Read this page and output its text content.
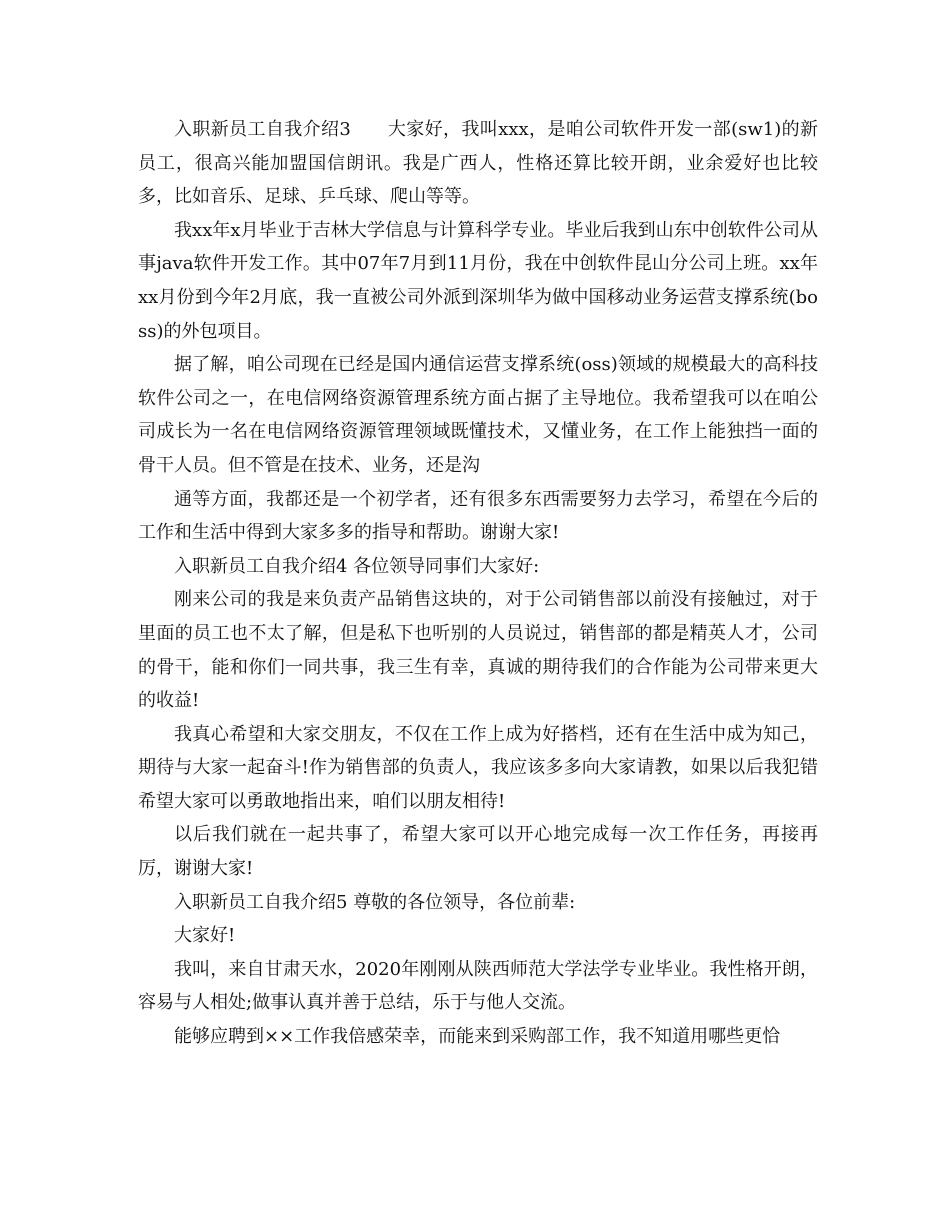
入职新员工自我介绍3　　大家好，我叫xxx，是咱公司软件开发一部(sw1)的新员工，很高兴能加盟国信朗讯。我是广西人，性格还算比较开朗，业余爱好也比较多，比如音乐、足球、乒乓球、爬山等等。

我xx年x月毕业于吉林大学信息与计算科学专业。毕业后我到山东中创软件公司从事java软件开发工作。其中07年7月到11月份，我在中创软件昆山分公司上班。xx年xx月份到今年2月底，我一直被公司外派到深圳华为做中国移动业务运营支撑系统(boss)的外包项目。

据了解，咱公司现在已经是国内通信运营支撑系统(oss)领域的规模最大的高科技软件公司之一，在电信网络资源管理系统方面占据了主导地位。我希望我可以在咱公司成长为一名在电信网络资源管理领域既懂技术，又懂业务，在工作上能独挡一面的骨干人员。但不管是在技术、业务，还是沟

通等方面，我都还是一个初学者，还有很多东西需要努力去学习，希望在今后的工作和生活中得到大家多多的指导和帮助。谢谢大家!

入职新员工自我介绍4 各位领导同事们大家好:

刚来公司的我是来负责产品销售这块的，对于公司销售部以前没有接触过，对于里面的员工也不太了解，但是私下也听别的人员说过，销售部的都是精英人才，公司的骨干，能和你们一同共事，我三生有幸，真诚的期待我们的合作能为公司带来更大的收益!

我真心希望和大家交朋友，不仅在工作上成为好搭档，还有在生活中成为知己，期待与大家一起奋斗!作为销售部的负责人，我应该多多向大家请教，如果以后我犯错希望大家可以勇敢地指出来，咱们以朋友相待!

以后我们就在一起共事了，希望大家可以开心地完成每一次工作任务，再接再厉，谢谢大家!

入职新员工自我介绍5 尊敬的各位领导，各位前辈:

大家好!

我叫，来自甘肃天水，2020年刚刚从陕西师范大学法学专业毕业。我性格开朗，容易与人相处;做事认真并善于总结，乐于与他人交流。

能够应聘到××工作我倍感荣幸，而能来到采购部工作，我不知道用哪些更恰
